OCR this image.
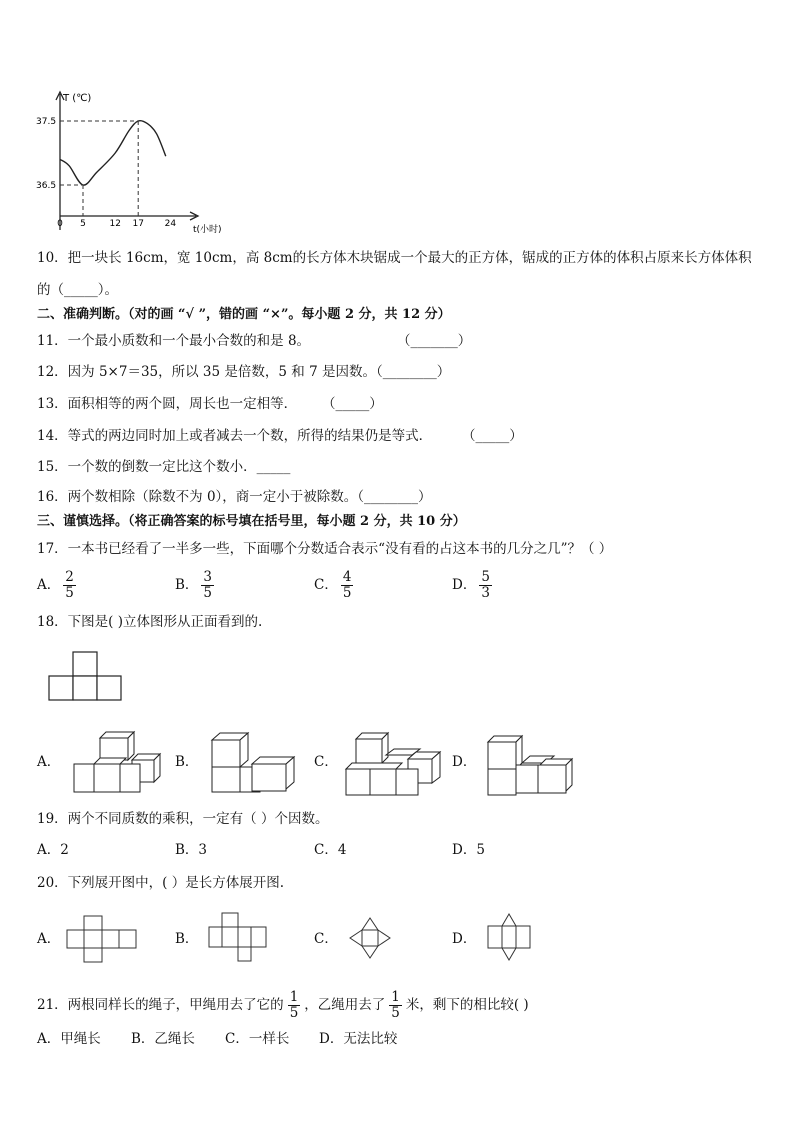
0 5	12 17 24
36.5
37.5
T (℃)
t(小时)
10．把一块长 16cm，宽 10cm，高 8cm的长方体木块锯成一个最大的正方体，锯成的正方体的体积占原来长方体体积
的（_____）。
二、准确判断。（对的画 “√ ”，错的画 “×”。每小题 2 分，共 12 分）
11．一个最小质数和一个最小合数的和是 8。	（_______）
12．因为 5×7＝35，所以 35 是倍数，5 和 7 是因数。（________）
13．面积相等的两个圆，周长也一定相等． （_____）
14．等式的两边同时加上或者减去一个数，所得的结果仍是等式． （_____）
15．一个数的倒数一定比这个数小．_____
16．两个数相除（除数不为 0），商一定小于被除数。（________）
三、谨慎选择。（将正确答案的标号填在括号里，每小题 2 分，共 10 分）
17．一本书已经看了一半多一些，下面哪个分数适合表示“没有看的占这本书的几分之几”？（ ）
A． $\frac{2}{5}$	B． $\frac{3}{5}$	C． $\frac{4}{5}$	D． $\frac{5}{3}$
18．下图是( )立体图形从正面看到的.
A．	B．	C．	D．
19．两个不同质数的乘积，一定有（ ）个因数。
A．2	B．3	C．4	D．5
20．下列展开图中，( ）是长方体展开图.
A．	B．	C．	D．
21．两根同样长的绳子，甲绳用去了它的 $\frac{1}{5}$ ，乙绳用去了 $\frac{1}{5}$ 米，剩下的相比较( )
A．甲绳长 B．乙绳长 C．一样长 D．无法比较
